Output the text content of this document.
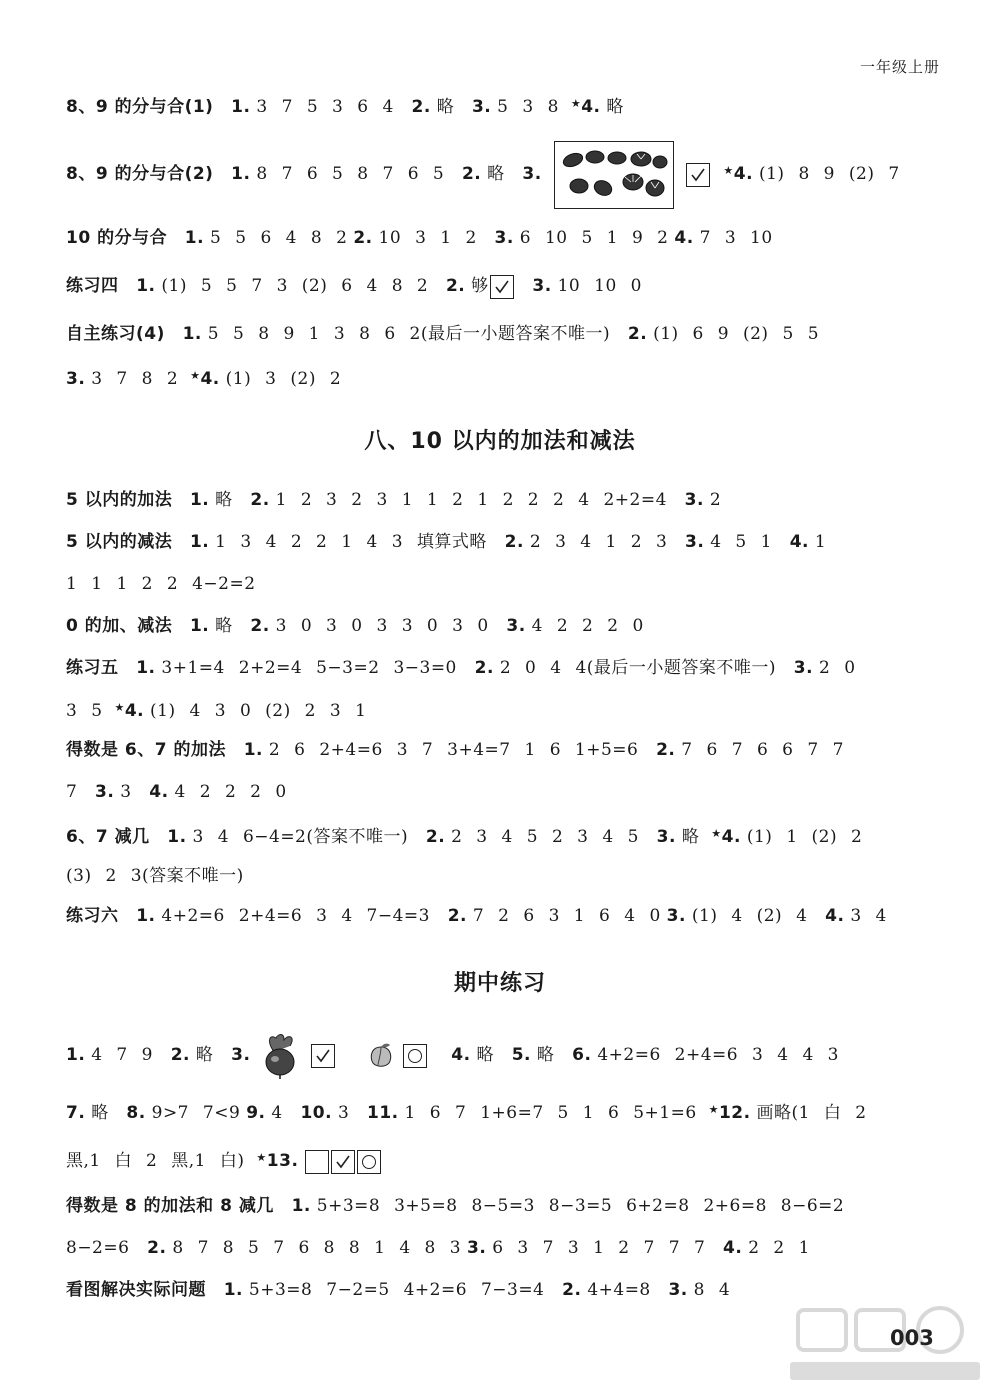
一年级上册
8、9 的分与合(1) 1. 3 7 5 3 6 4 2. 略 3. 5 3 8 ★4. 略
8、9 的分与合(2) 1. 8 7 6 5 8 7 6 5 2. 略 3.	★4. (1) 8 9 (2) 7
10 的分与合 1. 5 5 6 4 8 2 2. 10 3 1 2 3. 6 10 5 1 9 2 4. 7 3 10
练习四 1. (1) 5 5 7 3 (2) 6 4 8 2 2. 够	3. 10 10 0
自主练习(4) 1. 5 5 8 9 1 3 8 6 2(最后一小题答案不唯一) 2. (1) 6 9 (2) 5 5
3. 3 7 8 2 ★4. (1) 3 (2) 2
八、10 以内的加法和减法
5 以内的加法 1. 略 2. 1 2 3 2 3 1 1 2 1 2 2 2 4 2+2=4 3. 2
5 以内的减法 1. 1 3 4 2 2 1 4 3 填算式略 2. 2 3 4 1 2 3 3. 4 5 1 4. 1
1 1 1 2 2 4−2=2
0 的加、减法 1. 略 2. 3 0 3 0 3 3 0 3 0 3. 4 2 2 2 0
练习五 1. 3+1=4 2+2=4 5−3=2 3−3=0 2. 2 0 4 4(最后一小题答案不唯一) 3. 2 0
3 5 ★4. (1) 4 3 0 (2) 2 3 1
得数是 6、7 的加法 1. 2 6 2+4=6 3 7 3+4=7 1 6 1+5=6 2. 7 6 7 6 6 7 7
7 3. 3 4. 4 2 2 2 0
6、7 减几 1. 3 4 6−4=2(答案不唯一) 2. 2 3 4 5 2 3 4 5 3. 略 ★4. (1) 1 (2) 2
(3) 2 3(答案不唯一)
练习六 1. 4+2=6 2+4=6 3 4 7−4=3 2. 7 2 6 3 1 6 4 0 3. (1) 4 (2) 4 4. 3 4
期中练习
1. 4 7 9 2. 略 3.
	4. 略 5. 略 6. 4+2=6 2+4=6 3 4 4 3
7. 略 8. 9>7 7<9 9. 4 10. 3 11. 1 6 7 1+6=7 5 1 6 5+1=6 ★12. 画略(1 白 2
黑,1 白 2 黑,1 白) ★13.
得数是 8 的加法和 8 减几 1. 5+3=8 3+5=8 8−5=3 8−3=5 6+2=8 2+6=8 8−6=2
8−2=6 2. 8 7 8 5 7 6 8 8 1 4 8 3 3. 6 3 7 3 1 2 7 7 7 4. 2 2 1
看图解决实际问题 1. 5+3=8 7−2=5 4+2=6 7−3=4 2. 4+4=8 3. 8 4
003
